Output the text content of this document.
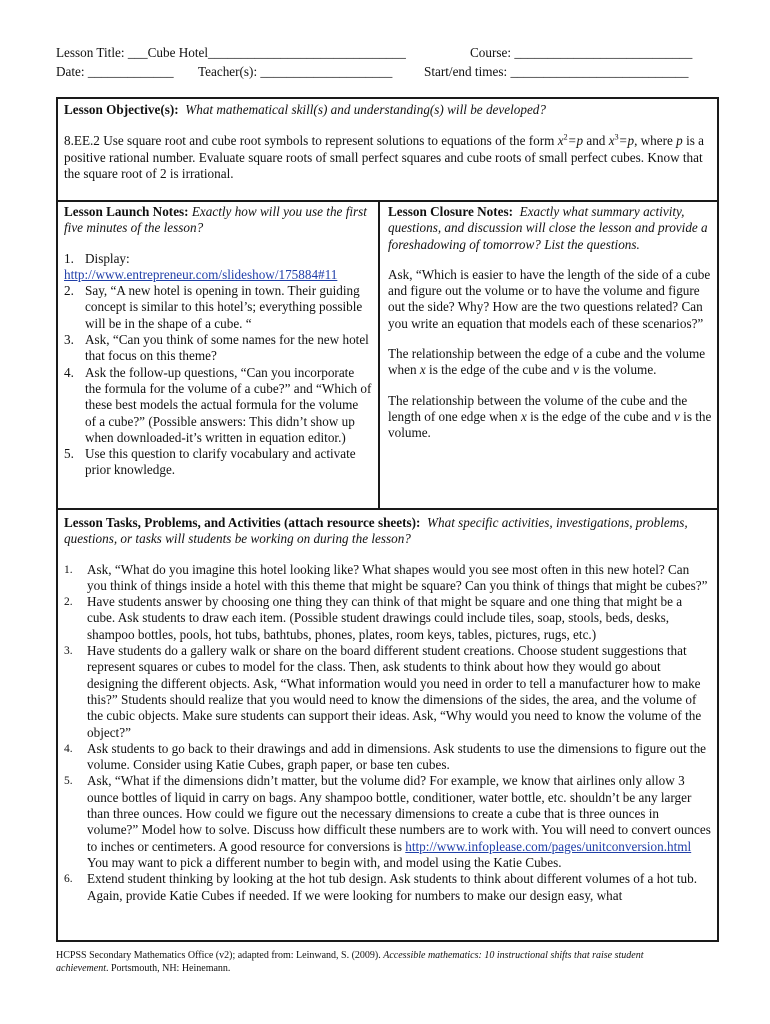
Lesson Title: ___Cube Hotel______________________________	Course: ___________________________
Date: _____________ Teacher(s): ____________________ Start/end times: ___________________________

Lesson Objective(s): What mathematical skill(s) and understanding(s) will be developed?

8.EE.2 Use square root and cube root symbols to represent solutions to equations of the form $x^2=p$ and $x^3=p$, where p is a positive rational number. Evaluate square roots of small perfect squares and cube roots of small perfect cubes. Know that the square root of 2 is irrational.

Lesson Launch Notes: Exactly how will you use the first five minutes of the lesson?

1. Display:

http://www.entrepreneur.com/slideshow/175884#11

2. Say, “A new hotel is opening in town. Their guiding concept is similar to this hotel’s; everything possible will be in the shape of a cube. “
3. Ask, “Can you think of some names for the new hotel that focus on this theme?
4. Ask the follow-up questions, “Can you incorporate the formula for the volume of a cube?” and “Which of these best models the actual formula for the volume of a cube?” (Possible answers: This didn’t show up when downloaded-it’s written in equation editor.)
5. Use this question to clarify vocabulary and activate prior knowledge.

Lesson Closure Notes: Exactly what summary activity, questions, and discussion will close the lesson and provide a foreshadowing of tomorrow? List the questions.

Ask, “Which is easier to have the length of the side of a cube and figure out the volume or to have the volume and figure out the side? Why? How are the two questions related? Can you write an equation that models each of these scenarios?”

The relationship between the edge of a cube and the volume when x is the edge of the cube and v is the volume.

The relationship between the volume of the cube and the length of one edge when x is the edge of the cube and v is the volume.

Lesson Tasks, Problems, and Activities (attach resource sheets): What specific activities, investigations, problems, questions, or tasks will students be working on during the lesson?

1. Ask, “What do you imagine this hotel looking like? What shapes would you see most often in this new hotel? Can you think of things inside a hotel with this theme that might be square? Can you think of things that might be cubes?”
2. Have students answer by choosing one thing they can think of that might be square and one thing that might be a cube. Ask students to draw each item. (Possible student drawings could include tiles, soap, stools, beds, desks, shampoo bottles, pools, hot tubs, bathtubs, phones, plates, room keys, tables, pictures, rugs, etc.)
3. Have students do a gallery walk or share on the board different student creations. Choose student suggestions that represent squares or cubes to model for the class. Then, ask students to think about how they would go about designing the different objects. Ask, “What information would you need in order to tell a manufacturer how to make this?” Students should realize that you would need to know the dimensions of the sides, the area, and the volume of the cubic objects. Make sure students can support their ideas. Ask, “Why would you need to know the volume of the object?”
4. Ask students to go back to their drawings and add in dimensions. Ask students to use the dimensions to figure out the volume. Consider using Katie Cubes, graph paper, or base ten cubes.
5. Ask, “What if the dimensions didn’t matter, but the volume did? For example, we know that airlines only allow 3 ounce bottles of liquid in carry on bags. Any shampoo bottle, conditioner, water bottle, etc. shouldn’t be any larger than three ounces. How could we figure out the necessary dimensions to create a cube that is three ounces in volume?” Model how to solve. Discuss how difficult these numbers are to work with. You will need to convert ounces to inches or centimeters. A good resource for conversions is http://www.infoplease.com/pages/unitconversion.html You may want to pick a different number to begin with, and model using the Katie Cubes.
6. Extend student thinking by looking at the hot tub design. Ask students to think about different volumes of a hot tub. Again, provide Katie Cubes if needed. If we were looking for numbers to make our design easy, what
HCPSS Secondary Mathematics Office (v2); adapted from: Leinwand, S. (2009). Accessible mathematics: 10 instructional shifts that raise student achievement. Portsmouth, NH: Heinemann.
